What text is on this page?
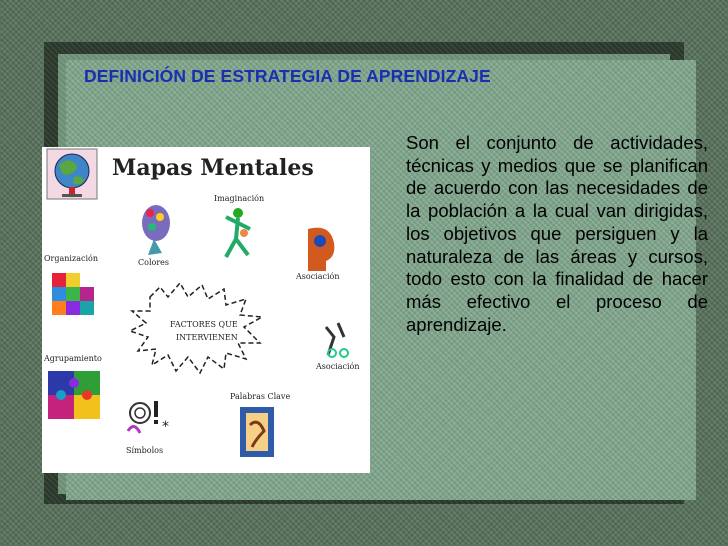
DEFINICIÓN DE ESTRATEGIA DE APRENDIZAJE
Mapas Mentales
Colores
Imaginación
Asociación
Organización
FACTORES QUE
INTERVIENEN
Asociación
Agrupamiento
*
Símbolos
Palabras Clave

Son el conjunto de actividades, técnicas y medios que se planifican de acuerdo con las necesidades de la población a la cual van dirigidas, los objetivos que persiguen y la naturaleza de las áreas y cursos, todo esto con la finalidad de hacer más efectivo el proceso de aprendizaje.
